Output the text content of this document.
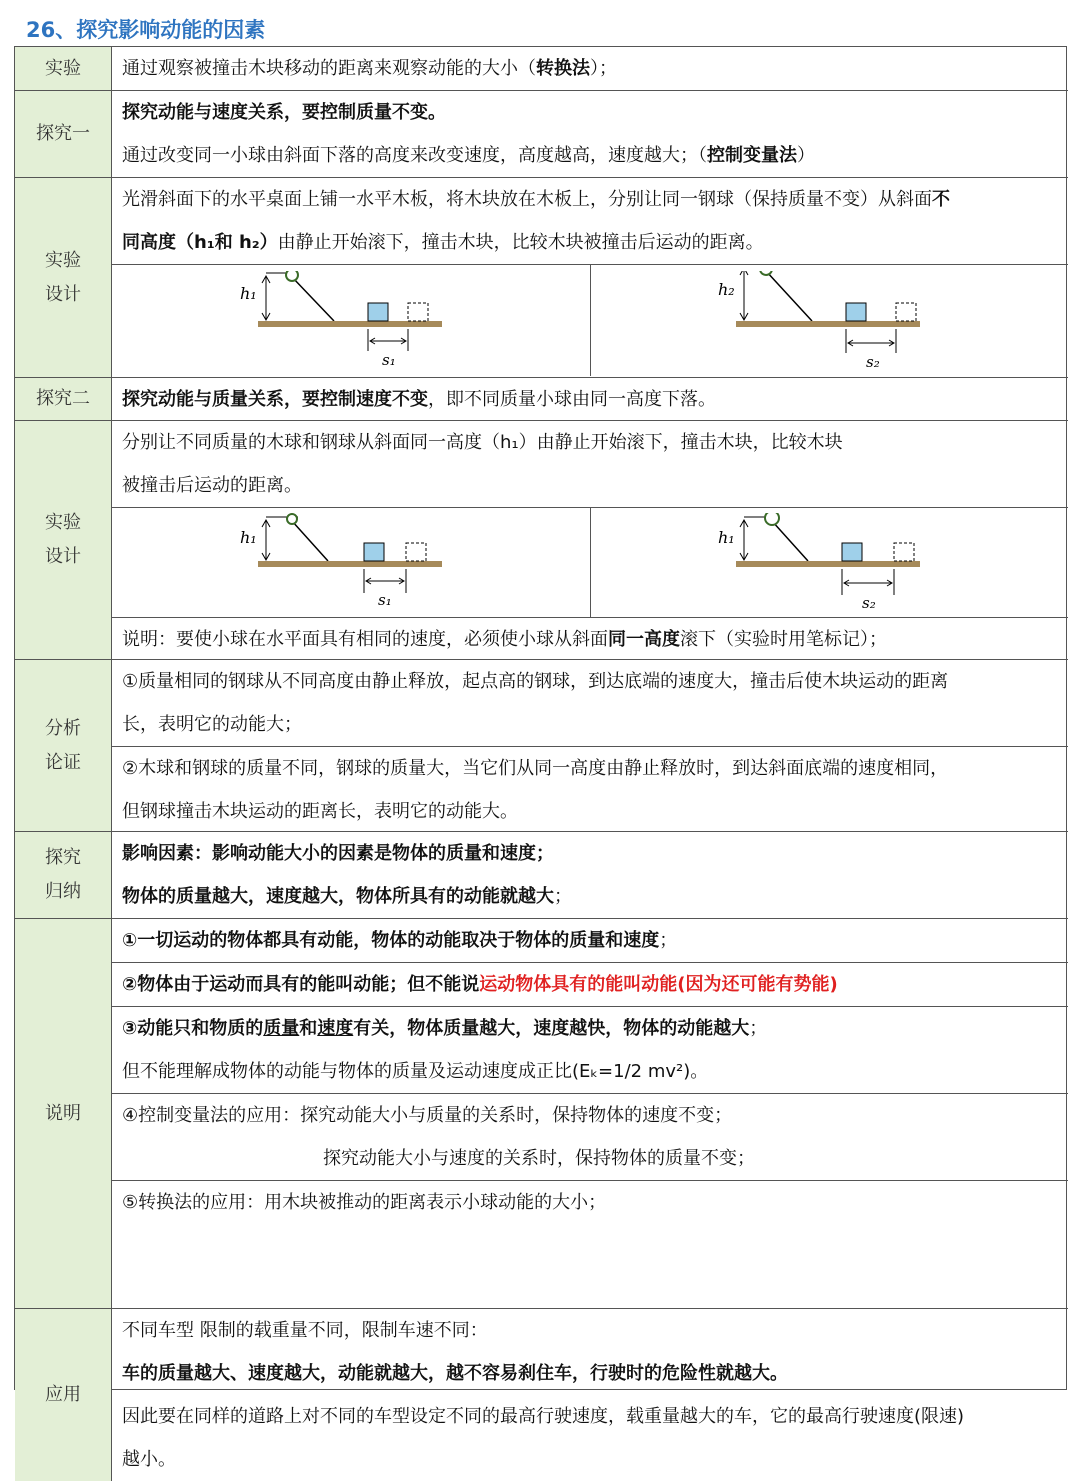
26、探究影响动能的因素
实验	通过观察被撞击木块移动的距离来观察动能的大小（转换法）；
探究一
探究动能与速度关系，要控制质量不变。
通过改变同一小球由斜面下落的高度来改变速度，高度越高，速度越大；（控制变量法）
实验
设计
光滑斜面下的水平桌面上铺一水平木板，将木块放在木板上，分别让同一钢球（保持质量不变）从斜面不
同高度（h₁和 h₂）由静止开始滚下，撞击木块，比较木块被撞击后运动的距离。
h₁
s₁
h₂
s₂
探究二	探究动能与质量关系，要控制速度不变，即不同质量小球由同一高度下落。
实验
设计
分别让不同质量的木球和钢球从斜面同一高度（h₁）由静止开始滚下，撞击木块，比较木块
被撞击后运动的距离。
h₁
s₁
h₁
s₂
说明：要使小球在水平面具有相同的速度，必须使小球从斜面同一高度滚下（实验时用笔标记）；
分析
论证
①质量相同的钢球从不同高度由静止释放，起点高的钢球，到达底端的速度大，撞击后使木块运动的距离
长，表明它的动能大；
②木球和钢球的质量不同，钢球的质量大，当它们从同一高度由静止释放时，到达斜面底端的速度相同，
但钢球撞击木块运动的距离长，表明它的动能大。
探究
归纳
影响因素：影响动能大小的因素是物体的质量和速度；
物体的质量越大，速度越大，物体所具有的动能就越大；
说明
①一切运动的物体都具有动能，物体的动能取决于物体的质量和速度；
②物体由于运动而具有的能叫动能；但不能说运动物体具有的能叫动能(因为还可能有势能)
③动能只和物质的质量和速度有关，物体质量越大，速度越快，物体的动能越大；
但不能理解成物体的动能与物体的质量及运动速度成正比(Eₖ=1/2 mv²)。
④控制变量法的应用：探究动能大小与质量的关系时，保持物体的速度不变；
探究动能大小与速度的关系时，保持物体的质量不变；
⑤转换法的应用：用木块被推动的距离表示小球动能的大小；
应用
不同车型 限制的载重量不同，限制车速不同：
车的质量越大、速度越大，动能就越大，越不容易刹住车，行驶时的危险性就越大。
因此要在同样的道路上对不同的车型设定不同的最高行驶速度，载重量越大的车，它的最高行驶速度(限速)
越小。
